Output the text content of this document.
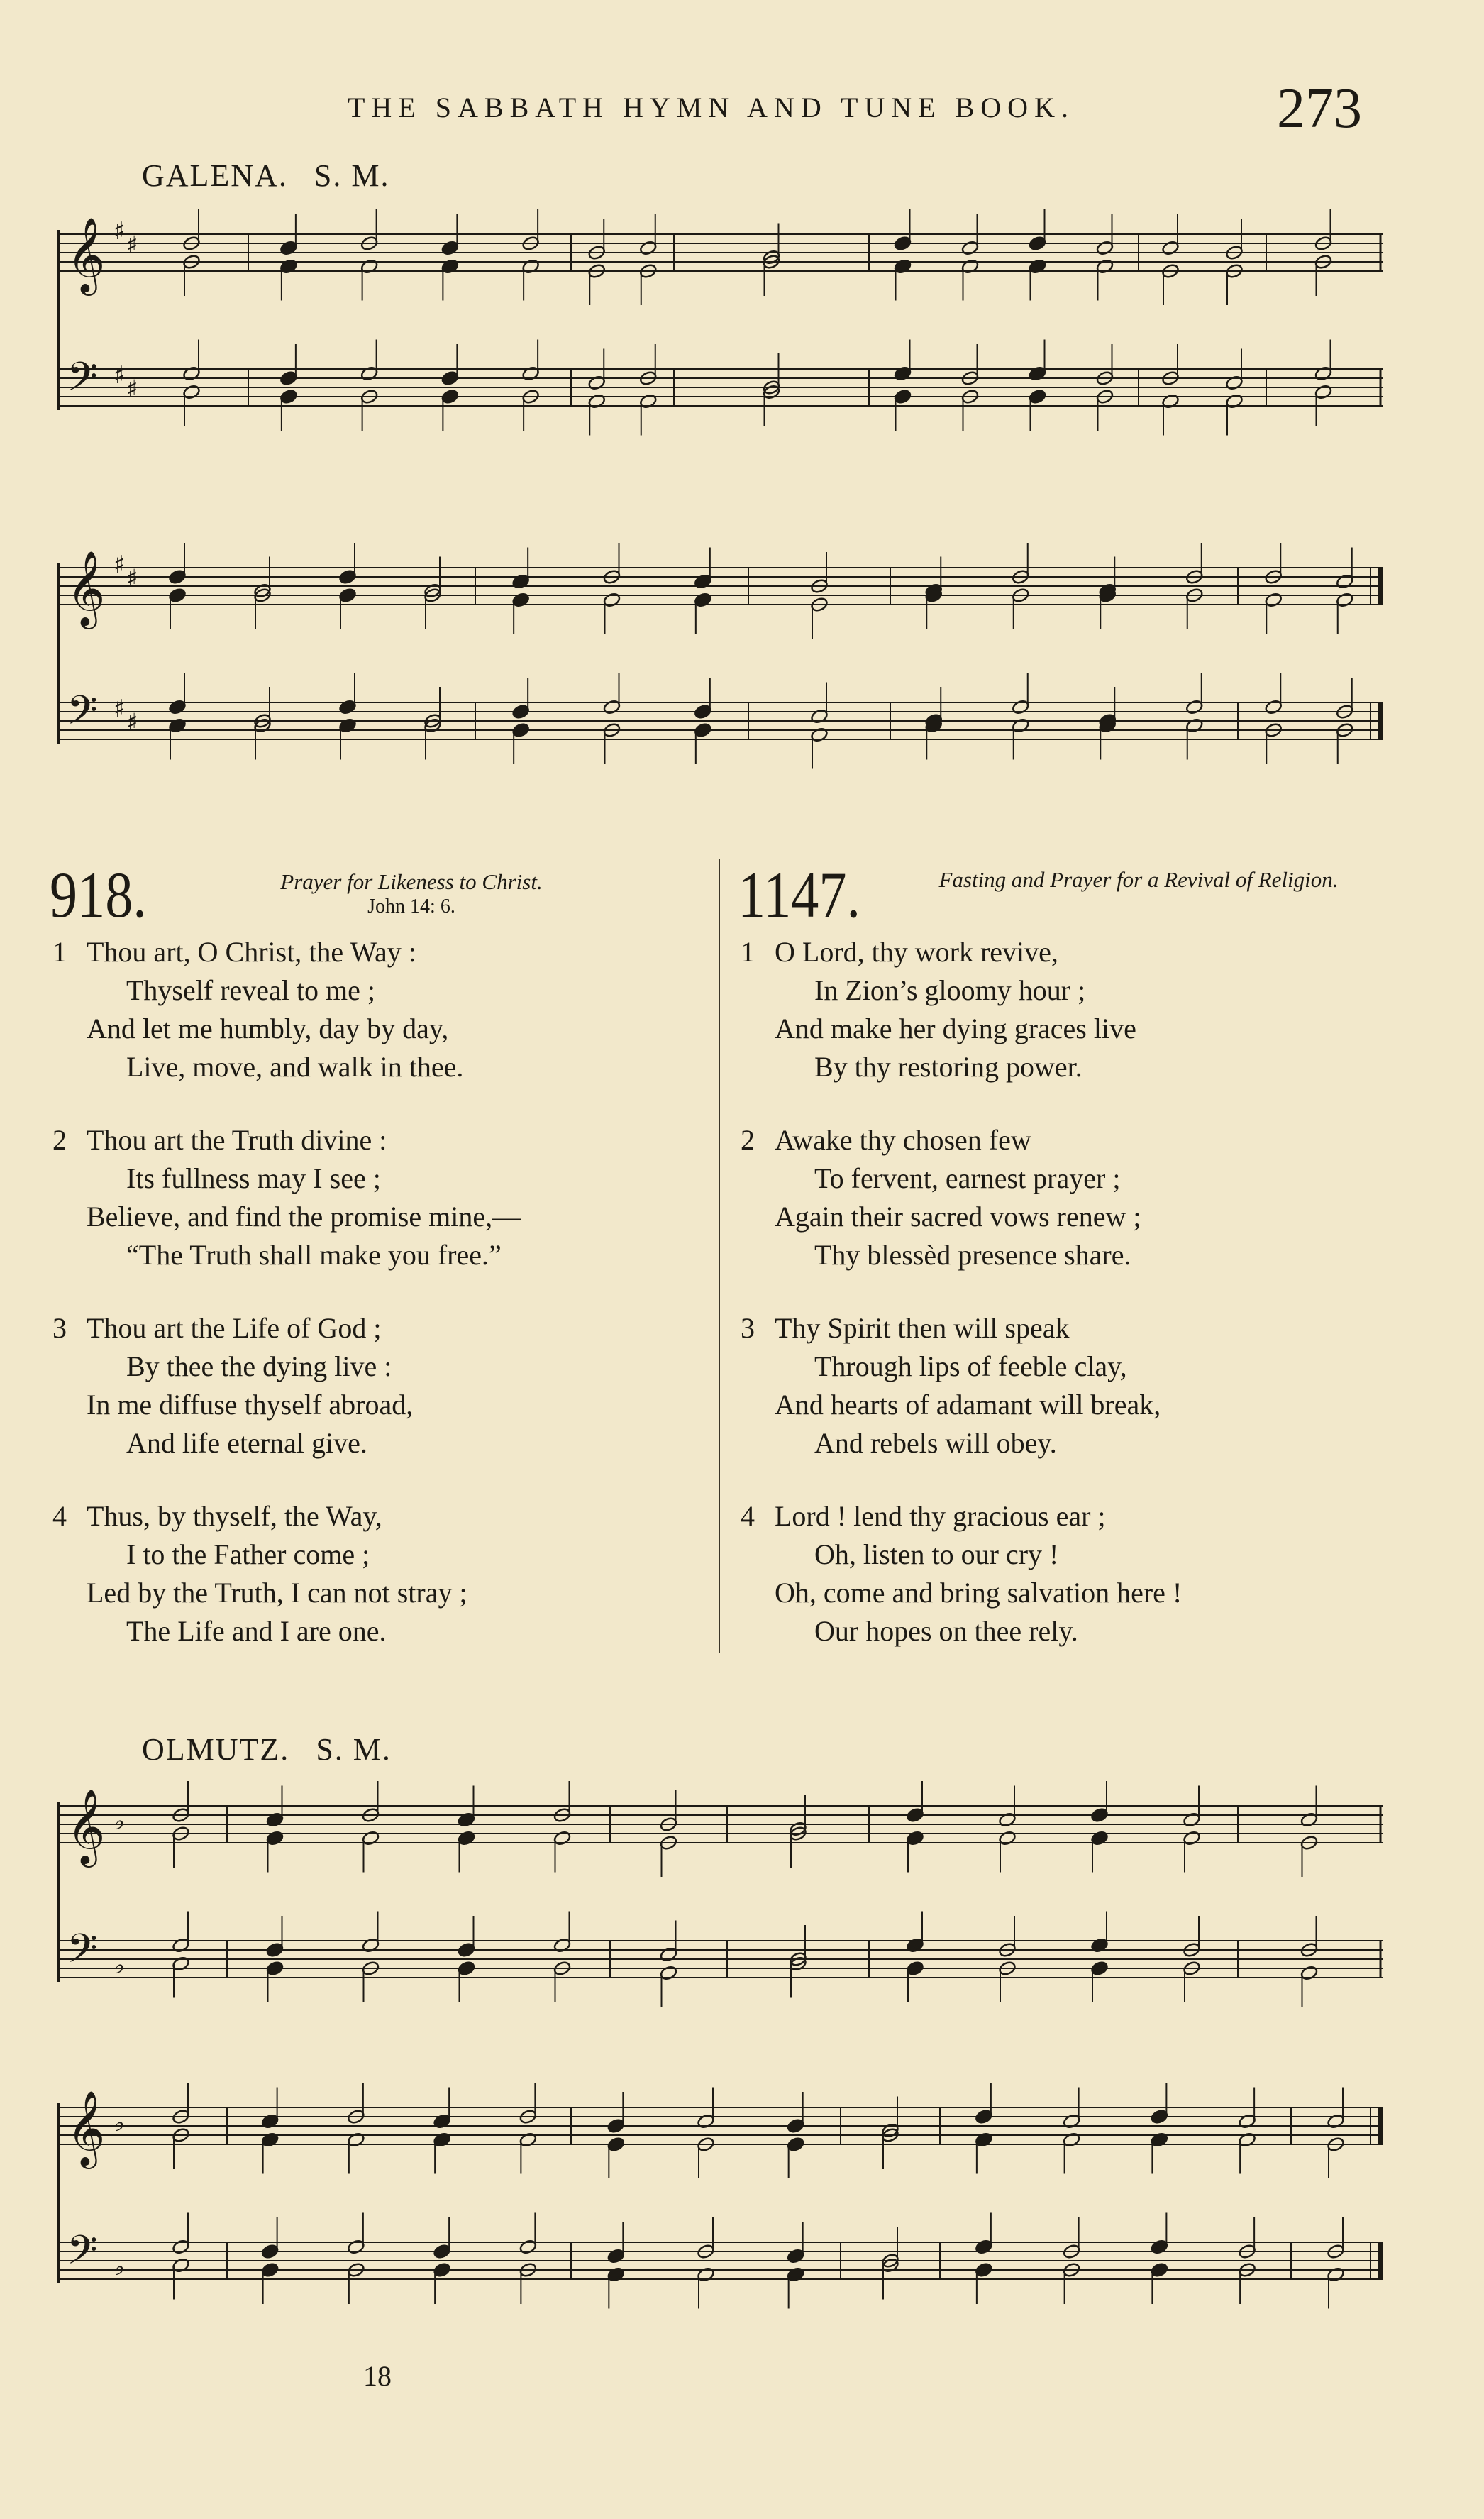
THE SABBATH HYMN AND TUNE BOOK.	273
GALENA. S. M.
𝄞
𝄢
♯
♯
♯
♯
𝄞
𝄢
♯
♯
♯
♯
918.	Prayer for Likeness to Christ.
John 14: 6.
1 Thou art, O Christ, the Way :
Thyself reveal to me ;
And let me humbly, day by day,
Live, move, and walk in thee.
2 Thou art the Truth divine :
Its fullness may I see ;
Believe, and find the promise mine,—
“The Truth shall make you free.”
3 Thou art the Life of God ;
By thee the dying live :
In me diffuse thyself abroad,
And life eternal give.
4 Thus, by thyself, the Way,
I to the Father come ;
Led by the Truth, I can not stray ;
The Life and I are one.
1147.	Fasting and Prayer for a Revival of Religion.
1 O Lord, thy work revive,
In Zion’s gloomy hour ;
And make her dying graces live
By thy restoring power.
2 Awake thy chosen few
To fervent, earnest prayer ;
Again their sacred vows renew ;
Thy blessèd presence share.
3 Thy Spirit then will speak
Through lips of feeble clay,
And hearts of adamant will break,
And rebels will obey.
4 Lord ! lend thy gracious ear ;
Oh, listen to our cry !
Oh, come and bring salvation here !
Our hopes on thee rely.
OLMUTZ. S. M.
𝄞
𝄢
♭
♭
𝄞
𝄢
♭
♭
18
